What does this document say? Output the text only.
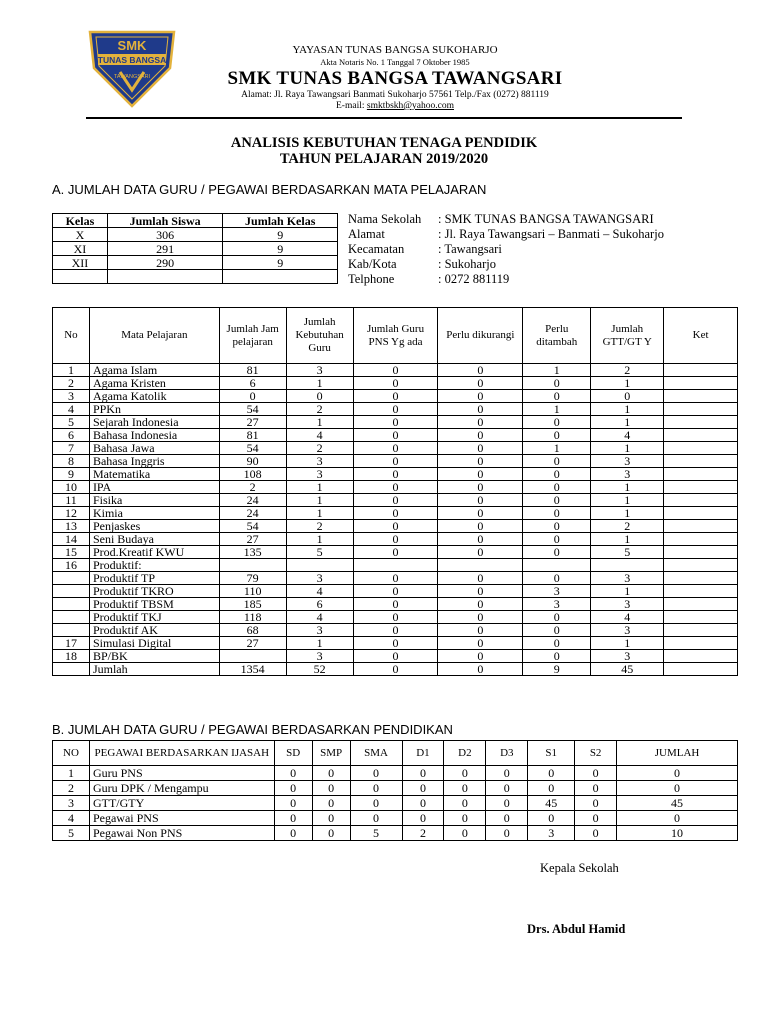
SMK
TUNAS BANGSA
TAWANGSARI
YAYASAN TUNAS BANGSA SUKOHARJO
Akta Notaris No. 1 Tanggal 7 Oktober 1985
SMK TUNAS BANGSA TAWANGSARI
Alamat: Jl. Raya Tawangsari Banmati Sukoharjo 57561 Telp./Fax (0272) 881119
E-mail: smktbskh@yahoo.com
ANALISIS KEBUTUHAN TENAGA PENDIDIK
TAHUN PELAJARAN 2019/2020
A. JUMLAH DATA GURU / PEGAWAI BERDASARKAN MATA PELAJARAN
Kelas	Jumlah Siswa	Jumlah Kelas
X	306	9
XI	291	9
XII	290	9

Nama Sekolah : SMK TUNAS BANGSA TAWANGSARI
Alamat	: Jl. Raya Tawangsari – Banmati – Sukoharjo
Kecamatan	: Tawangsari
Kab/Kota	: Sukoharjo
Telphone	: 0272 881119
No	Mata Pelajaran	Jumlah Jam pelajaran	Jumlah Kebutuhan Guru	Jumlah Guru PNS Yg ada	Perlu dikurangi	Perlu ditambah	Jumlah GTT/GT Y	Ket
1	Agama Islam	81	3	0	0	1	2	
2	Agama Kristen	6	1	0	0	0	1	
3	Agama Katolik	0	0	0	0	0	0	
4	PPKn	54	2	0	0	1	1	
5	Sejarah Indonesia	27	1	0	0	0	1	
6	Bahasa Indonesia	81	4	0	0	0	4	
7	Bahasa Jawa	54	2	0	0	1	1	
8	Bahasa Inggris	90	3	0	0	0	3	
9	Matematika	108	3	0	0	0	3	
10	IPA	2	1	0	0	0	1	
11	Fisika	24	1	0	0	0	1	
12	Kimia	24	1	0	0	0	1	
13	Penjaskes	54	2	0	0	0	2	
14	Seni Budaya	27	1	0	0	0	1	
15	Prod.Kreatif KWU	135	5	0	0	0	5	
16	Produktif:							
	Produktif TP	79	3	0	0	0	3	
	Produktif TKRO	110	4	0	0	3	1	
	Produktif TBSM	185	6	0	0	3	3	
	Produktif TKJ	118	4	0	0	0	4	
	Produktif AK	68	3	0	0	0	3	
17	Simulasi Digital	27	1	0	0	0	1	
18	BP/BK		3	0	0	0	3	
	Jumlah	1354	52	0	0	9	45	
B. JUMLAH DATA GURU / PEGAWAI BERDASARKAN PENDIDIKAN
NO	PEGAWAI BERDASARKAN IJASAH	SD	SMP	SMA	D1	D2	D3	S1	S2	JUMLAH
1	Guru PNS	0	0	0	0	0	0	0	0	0
2	Guru DPK / Mengampu	0	0	0	0	0	0	0	0	0
3	GTT/GTY	0	0	0	0	0	0	45	0	45
4	Pegawai PNS	0	0	0	0	0	0	0	0	0
5	Pegawai Non PNS	0	0	5	2	0	0	3	0	10
Kepala Sekolah
Drs. Abdul Hamid
